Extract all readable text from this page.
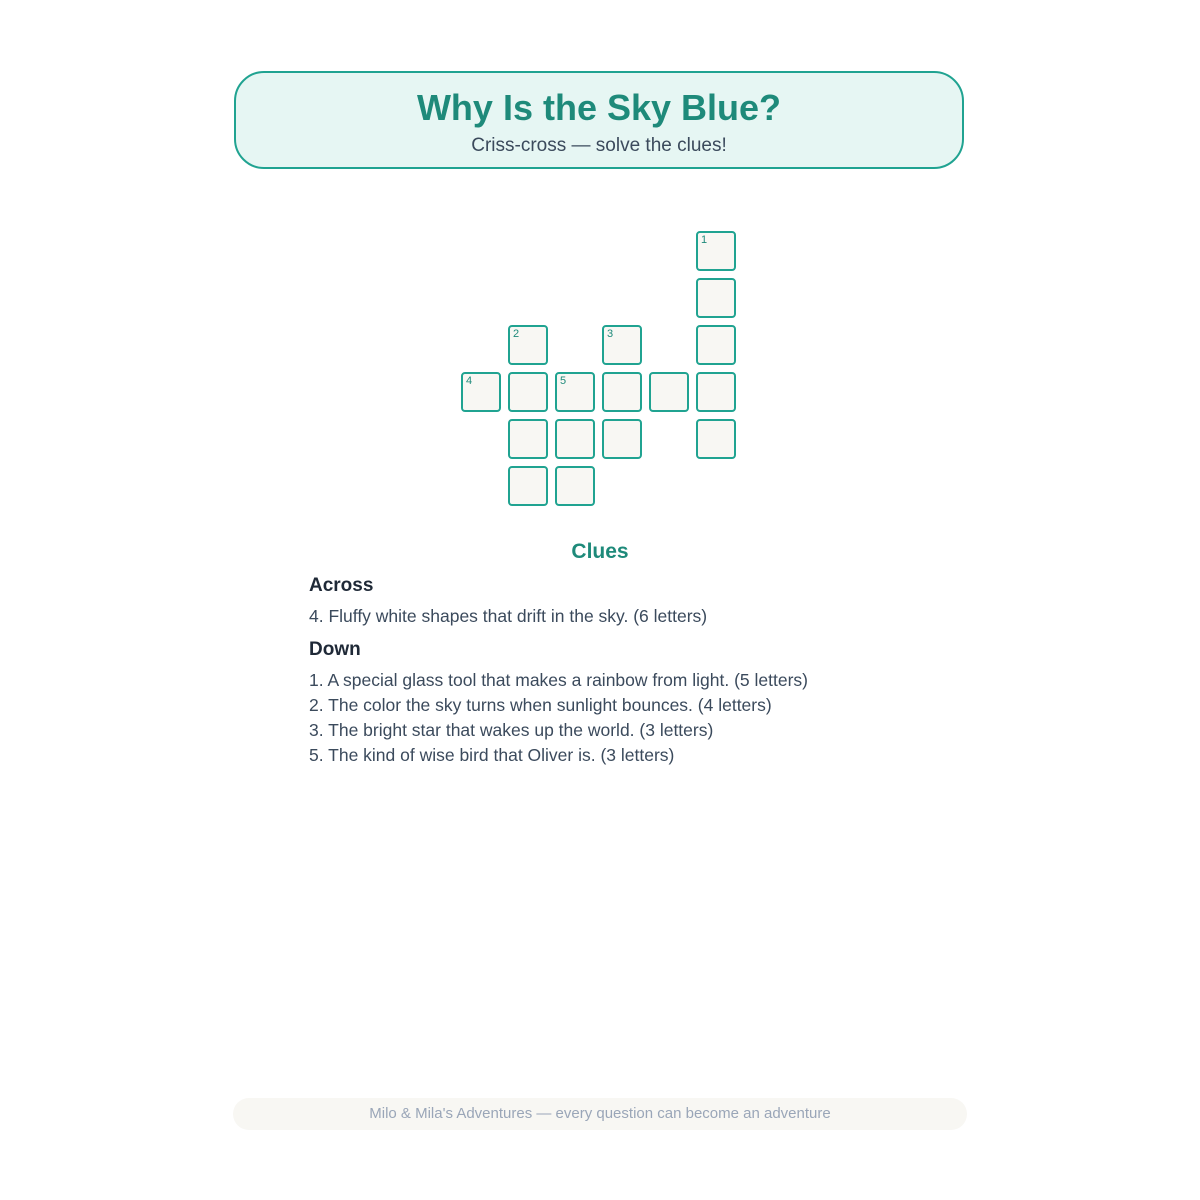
Why Is the Sky Blue?
Criss-cross — solve the clues!
1
2	3
4	5
Clues
Across
4. Fluffy white shapes that drift in the sky. (6 letters)
Down
1. A special glass tool that makes a rainbow from light. (5 letters)
2. The color the sky turns when sunlight bounces. (4 letters)
3. The bright star that wakes up the world. (3 letters)
5. The kind of wise bird that Oliver is. (3 letters)
Milo & Mila's Adventures — every question can become an adventure
